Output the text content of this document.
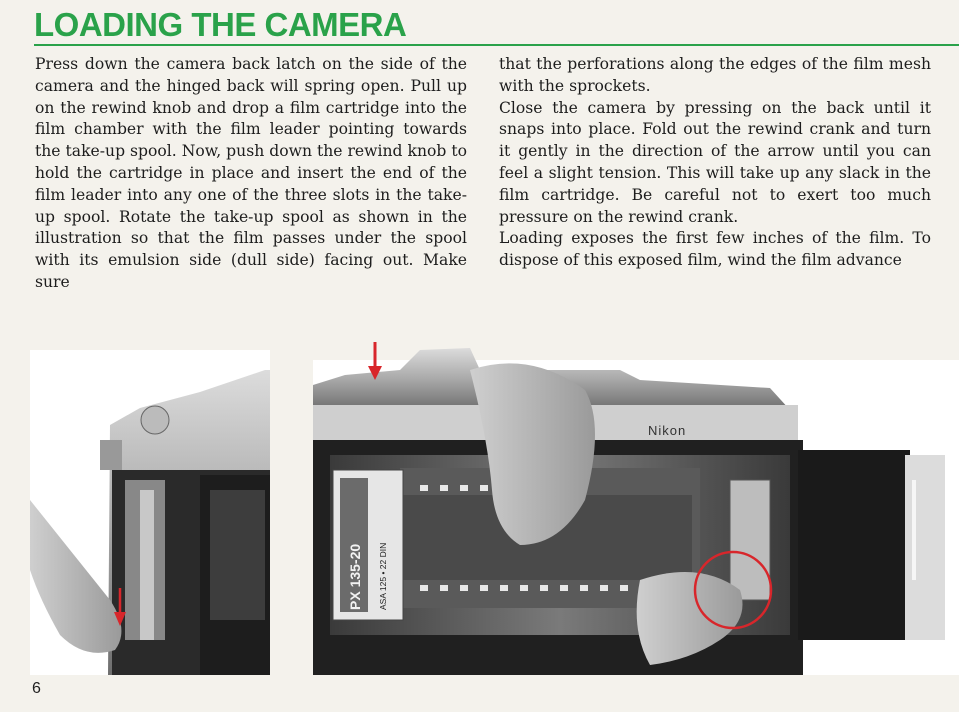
LOADING THE CAMERA

Press down the camera back latch on the side of the camera and the hinged back will spring open. Pull up on the rewind knob and drop a film cartridge into the film chamber with the film leader pointing towards the take-up spool. Now, push down the rewind knob to hold the cartridge in place and insert the end of the film leader into any one of the three slots in the take-up spool. Rotate the take-up spool as shown in the illustration so that the film passes under the spool with its emulsion side (dull side) facing out. Make sure

that the perforations along the edges of the film mesh with the sprockets.

Close the camera by pressing on the back until it snaps into place. Fold out the rewind crank and turn it gently in the direction of the arrow until you can feel a slight tension. This will take up any slack in the film cartridge. Be careful not to exert too much pressure on the rewind crank.

Loading exposes the first few inches of the film. To dispose of this exposed film, wind the film advance

Nikon
PX 135-20 ASA 125 • 22 DIN
6
